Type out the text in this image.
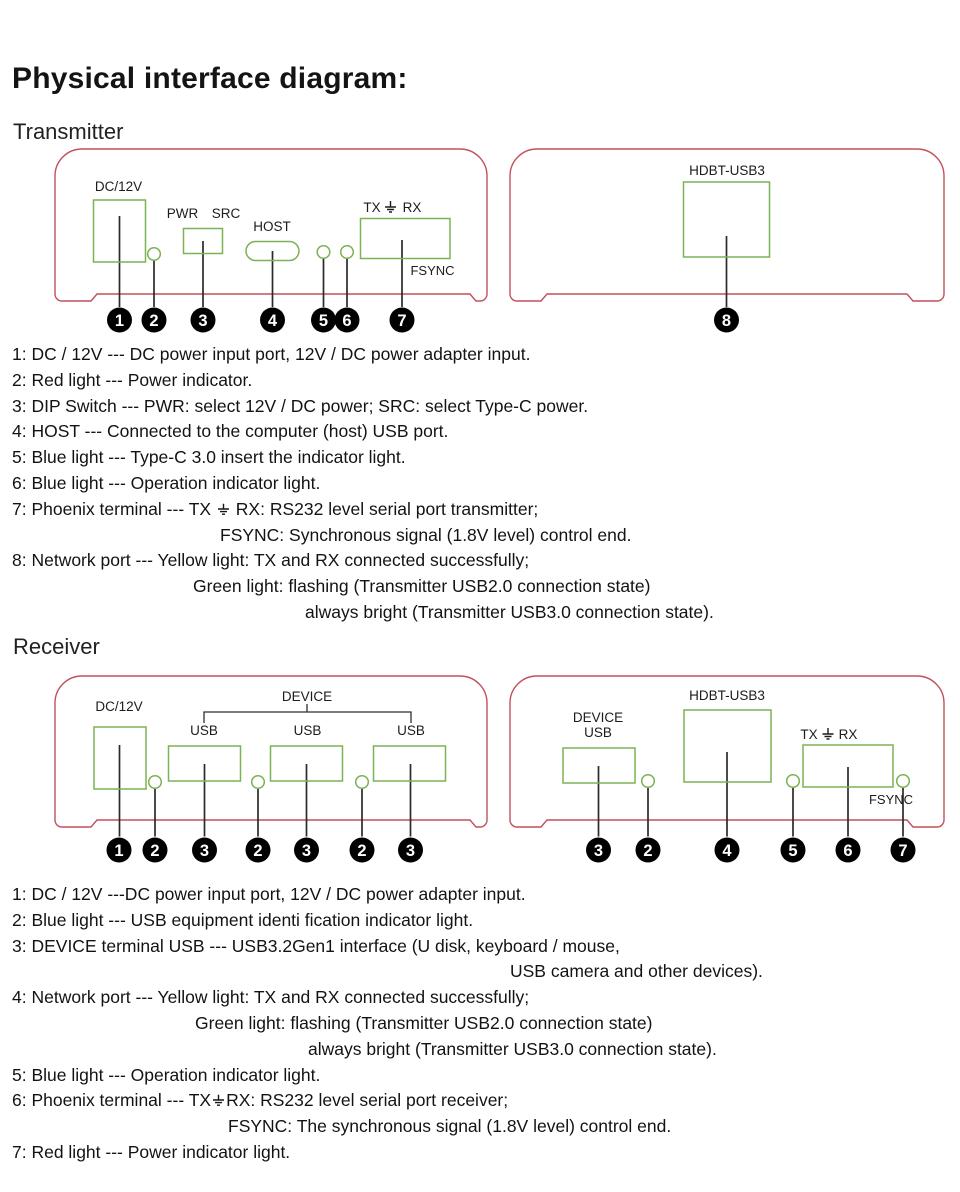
Physical interface diagram:
Transmitter
DC/12V
PWR SRC
HOST
TX RX
FSYNC
HDBT-USB3
1 2 3	4	5 6	7	8
1: DC / 12V --- DC power input port, 12V / DC power adapter input.
2: Red light --- Power indicator.
3: DIP Switch --- PWR: select 12V / DC power; SRC: select Type-C power.
4: HOST --- Connected to the computer (host) USB port.
5: Blue light --- Type-C 3.0 insert the indicator light.
6: Blue light --- Operation indicator light.
7: Phoenix terminal --- TX  RX: RS232 level serial port transmitter;
FSYNC: Synchronous signal (1.8V level) control end.
8: Network port --- Yellow light: TX and RX connected successfully;
Green light: flashing (Transmitter USB2.0 connection state)
always bright (Transmitter USB3.0 connection state).
Receiver
DC/12V
DEVICE
USB	USB	USB
DEVICE
USB
HDBT-USB3
TX RX
FSYNC
1 2 3	2 3	2 3	3 2	4	5	6	7
1: DC / 12V ---DC power input port, 12V / DC power adapter input.
2: Blue light --- USB equipment identi fication indicator light.
3: DEVICE terminal USB --- USB3.2Gen1 interface (U disk, keyboard / mouse,
USB camera and other devices).
4: Network port --- Yellow light: TX and RX connected successfully;
Green light: flashing (Transmitter USB2.0 connection state)
always bright (Transmitter USB3.0 connection state).
5: Blue light --- Operation indicator light.
6: Phoenix terminal --- TX RX: RS232 level serial port receiver;
FSYNC: The synchronous signal (1.8V level) control end.
7: Red light --- Power indicator light.
